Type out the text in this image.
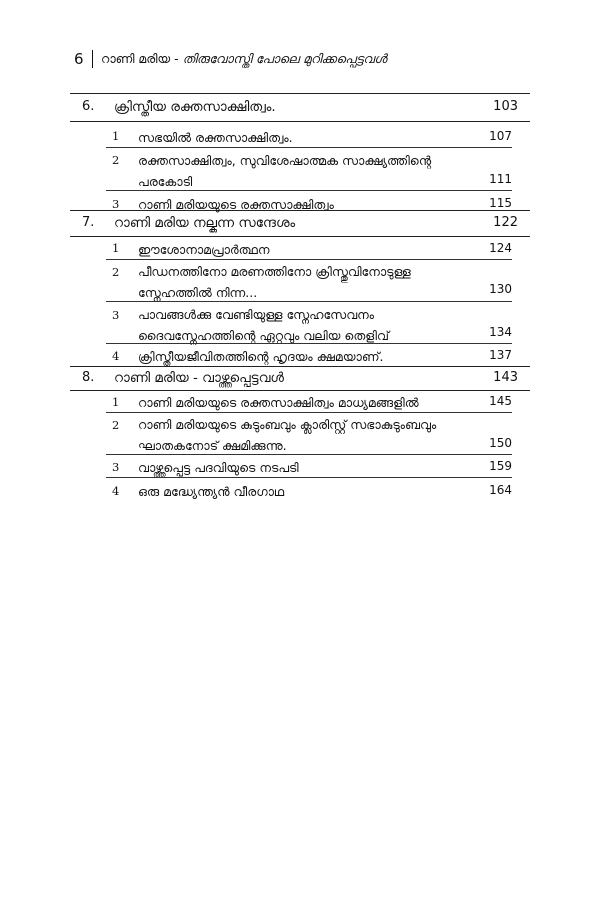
6 റാണി മരിയ - തിരുവോസ്തി പോലെ മുറിക്കപ്പെട്ടവൾ
6. ക്രിസ്തീയ രക്തസാക്ഷിത്വം.	103
1 സഭയിൽ രക്തസാക്ഷിത്വം.	107
2 രക്തസാക്ഷിത്വം, സുവിശേഷാത്മക സാക്ഷ്യത്തിന്റെ പരകോടി	111
3 റാണി മരിയയുടെ രക്തസാക്ഷിത്വം	115
7. റാണി മരിയ നല്കുന്ന സന്ദേശം	122
1 ഈശോനാമപ്രാർത്ഥന	124
2 പീഡനത്തിനോ മരണത്തിനോ ക്രിസ്തുവിനോടുള്ള സ്നേഹത്തിൽ നിന്ന...	130
3 പാവങ്ങൾക്കു വേണ്ടിയുള്ള സ്നേഹസേവനം ദൈവസ്നേഹത്തിന്റെ ഏറ്റവും വലിയ തെളിവ്	134
4 ക്രിസ്തീയജീവിതത്തിന്റെ ഹൃദയം ക്ഷമയാണ്.	137
8. റാണി മരിയ - വാഴ്ത്തപ്പെട്ടവൾ	143
1 റാണി മരിയയുടെ രക്തസാക്ഷിത്വം മാധ്യമങ്ങളിൽ	145
2 റാണി മരിയയുടെ കുടുംബവും ക്ലാരിസ്റ്റ് സഭാകുടുംബവും ഘാതകനോട് ക്ഷമിക്കുന്നു.	150
3 വാഴ്ത്തപ്പെട്ട പദവിയുടെ നടപടി	159
4 ഒരു മദ്ധ്യേന്ത്യൻ വീരഗാഥ	164
